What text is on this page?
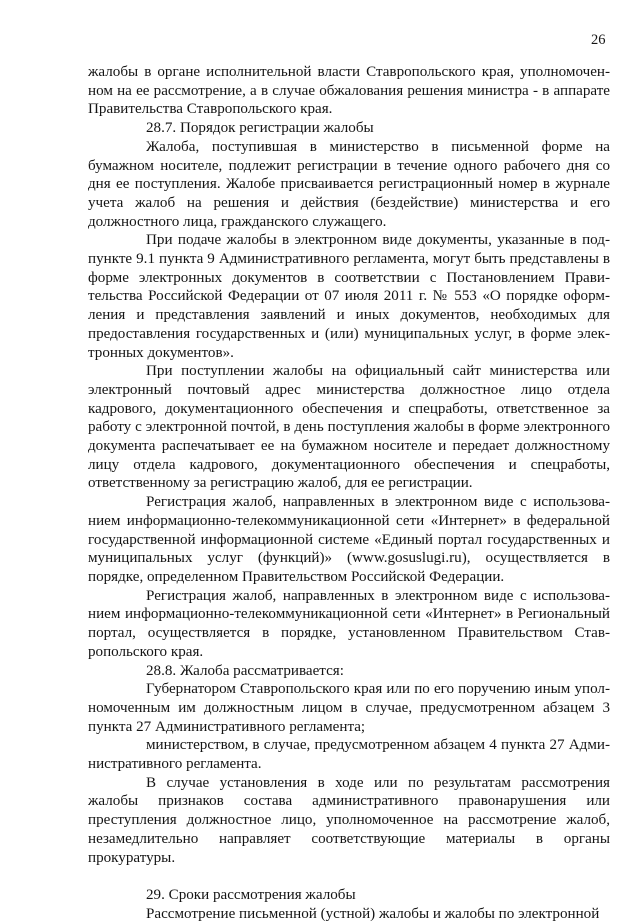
26

жалобы в органе исполнительной власти Ставропольского края, уполномоченном на ее рассмотрение, а в случае обжалования решения министра - в аппарате Правительства Ставропольского края.

28.7. Порядок регистрации жалобы

Жалоба, поступившая в министерство в письменной форме на бумажном носителе, подлежит регистрации в течение одного рабочего дня со дня ее поступления. Жалобе присваивается регистрационный номер в журнале учета жалоб на решения и действия (бездействие) министерства и его должностного лица, гражданского служащего.

При подаче жалобы в электронном виде документы, указанные в подпункте 9.1 пункта 9 Административного регламента, могут быть представлены в форме электронных документов в соответствии с Постановлением Правительства Российской Федерации от 07 июля 2011 г. № 553 «О порядке оформления и представления заявлений и иных документов, необходимых для предоставления государственных и (или) муниципальных услуг, в форме электронных документов».

При поступлении жалобы на официальный сайт министерства или электронный почтовый адрес министерства должностное лицо отдела кадрового, документационного обеспечения и спецработы, ответственное за работу с электронной почтой, в день поступления жалобы в форме электронного документа распечатывает ее на бумажном носителе и передает должностному лицу отдела кадрового, документационного обеспечения и спецработы, ответственному за регистрацию жалоб, для ее регистрации.

Регистрация жалоб, направленных в электронном виде с использованием информационно-телекоммуникационной сети «Интернет» в федеральной государственной информационной системе «Единый портал государственных и муниципальных услуг (функций)» (www.gosuslugi.ru), осуществляется в порядке, определенном Правительством Российской Федерации.

Регистрация жалоб, направленных в электронном виде с использованием информационно-телекоммуникационной сети «Интернет» в Региональный портал, осуществляется в порядке, установленном Правительством Ставропольского края.

28.8. Жалоба рассматривается:

Губернатором Ставропольского края или по его поручению иным уполномоченным им должностным лицом в случае, предусмотренном абзацем 3 пункта 27 Административного регламента;

министерством, в случае, предусмотренном абзацем 4 пункта 27 Административного регламента.

В случае установления в ходе или по результатам рассмотрения жалобы признаков состава административного правонарушения или преступления должностное лицо, уполномоченное на рассмотрение жалоб, незамедлительно направляет соответствующие материалы в органы прокуратуры.

29. Сроки рассмотрения жалобы

Рассмотрение письменной (устной) жалобы и жалобы по электронной
